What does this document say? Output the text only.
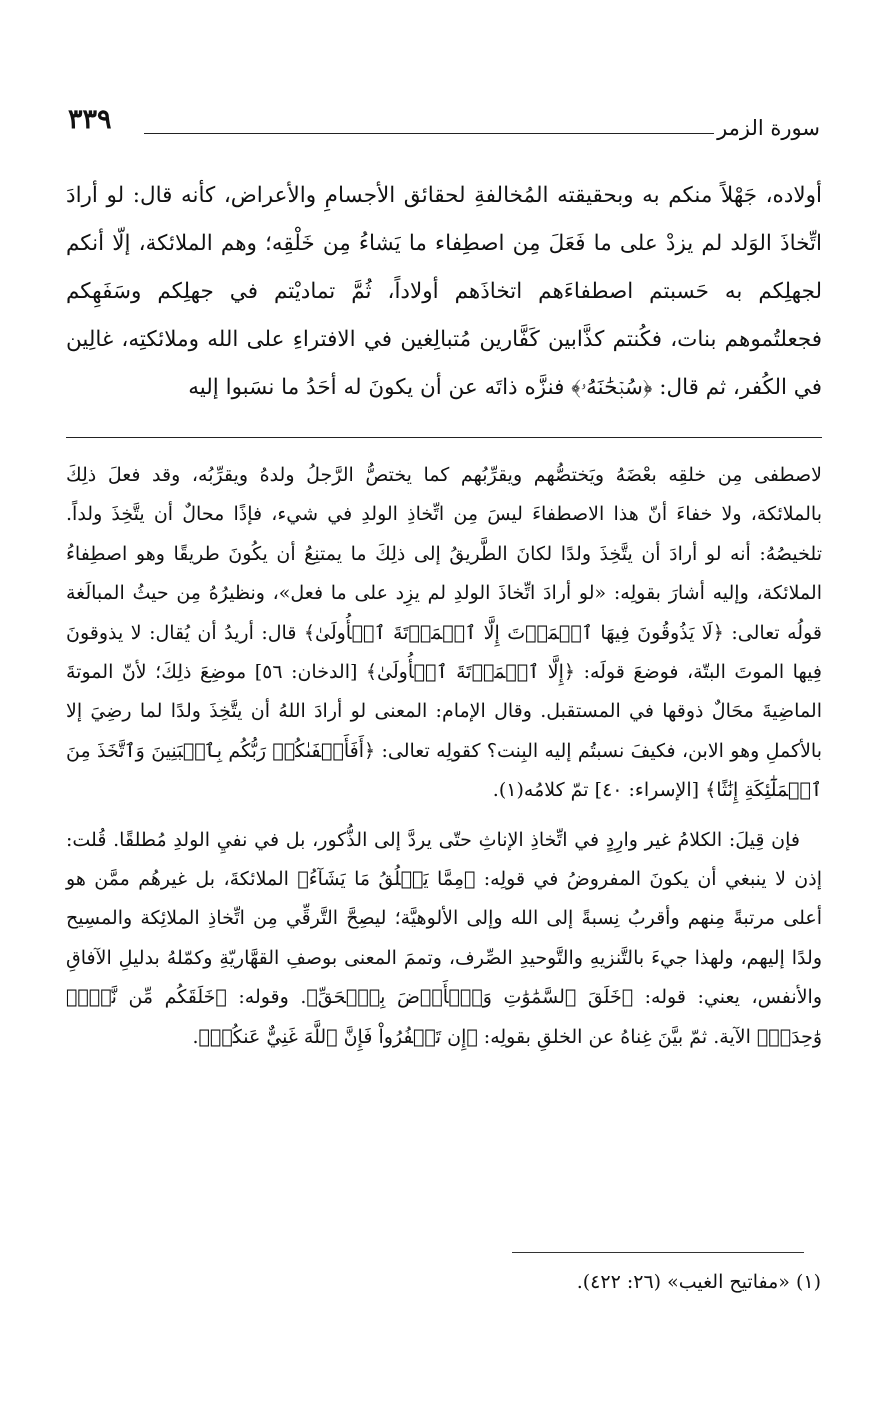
٣٣٩	سورة الزمر

أولاده، جَهْلاً منكم به وبحقيقته المُخالفةِ لحقائق الأجسامِ والأعراض، كأنه قال: لو أرادَ اتِّخاذَ الوَلد لم يزدْ على ما فَعَلَ مِن اصطِفاء ما يَشاءُ مِن خَلْقِه؛ وهم الملائكة، إلّا أنكم لجهلِكم به حَسبتم اصطفاءَهم اتخاذَهم أولاداً، ثُمَّ تماديْتم في جهلِكم وسَفَهِكم فجعلتُموهم بنات، فكُنتم كذَّابين كَفَّارين مُتبالِغين في الافتراءِ على الله وملائكتِه، غالِين في الكُفر، ثم قال: ﴿سُبۡحَٰنَهُۥ﴾ فنزَّه ذاتَه عن أن يكونَ له أحَدُ ما نسَبوا إليه

لاصطفى مِن خلقِه بعْضَهُ ويَختصُّهم ويقرِّبُهم كما يختصُّ الرَّجلُ ولدهُ ويقرِّبُه، وقد فعلَ ذلِكَ بالملائكة، ولا خفاءَ أنّ هذا الاصطفاءَ ليسَ مِن اتِّخاذِ الولدِ في شيء، فإذًا محالٌ أن يتَّخِذَ ولداً. تلخيصُهُ: أنه لو أرادَ أن يتَّخِذَ ولدًا لكانَ الطَّريقُ إلى ذلِكَ ما يمتنِعُ أن يكُونَ طريقًا وهو اصطِفاءُ الملائكة، وإليه أشارَ بقولِه: «لو أرادَ اتِّخاذَ الولدِ لم يزِد على ما فعل»، ونظيرُهُ مِن حيثُ المبالَغة قولُه تعالى: ﴿لَا يَذُوقُونَ فِيهَا ٱلۡمَوۡتَ إِلَّا ٱلۡمَوۡتَةَ ٱلۡأُولَىٰ﴾ قال: أريدُ أن يُقال: لا يذوقونَ فِيها الموتَ البتّة، فوضعَ قولَه: ﴿إِلَّا ٱلۡمَوۡتَةَ ٱلۡأُولَىٰ﴾ [الدخان: ٥٦] موضِعَ ذلِكَ؛ لأنّ الموتةَ الماضِيةَ محَالٌ ذوقها في المستقبل. وقال الإمام: المعنى لو أرادَ اللهُ أن يتَّخِذَ ولدًا لما رضِيَ إلا بالأكملِ وهو الابن، فكيفَ نسبتُم إليه البِنت؟ كقولِه تعالى: ﴿أَفَأَصۡفَىٰكُمۡ رَبُّكُم بِٱلۡبَنِينَ وَٱتَّخَذَ مِنَ ٱلۡمَلَٰٓئِكَةِ إِنَٰثًا﴾ [الإسراء: ٤٠] تمّ كلامُه(١).

فإن قِيلَ: الكلامُ غير وارِدٍ في اتِّخاذِ الإناثِ حتّى يردَّ إلى الذُّكور، بل في نفيِ الولدِ مُطلقًا. قُلت: إذن لا ينبغي أن يكونَ المفروضُ في قولِه: ﴿مِمَّا يَخۡلُقُ مَا يَشَآءُ﴾ الملائكةَ، بل غيرهُم ممَّن هو أعلى مرتبةً مِنهم وأقربُ نِسبةً إلى الله وإلى الألوهيَّة؛ ليصِحَّ التَّرقِّي مِن اتِّخاذِ الملائِكة والمسِيح ولدًا إليهم، ولهذا جيءَ بالتَّنزيهِ والتَّوحيدِ الصِّرف، وتممَ المعنى بوصفِ القهَّاريّةِ وكمّلهُ بدليلِ الآفاقِ والأنفس، يعني: قوله: ﴿خَلَقَ ٱلسَّمَٰوَٰتِ وَٱلۡأَرۡضَ بِٱلۡحَقِّ﴾. وقوله: ﴿خَلَقَكُم مِّن نَّفۡسٖ وَٰحِدَةٖ﴾ الآية. ثمّ بيَّنَ غِناهُ عن الخلقِ بقولِه: ﴿إِن تَكۡفُرُواْ فَإِنَّ ٱللَّهَ غَنِيٌّ عَنكُمۡ﴾.

(١) «مفاتيح الغيب» (٢٦: ٤٢٢).
